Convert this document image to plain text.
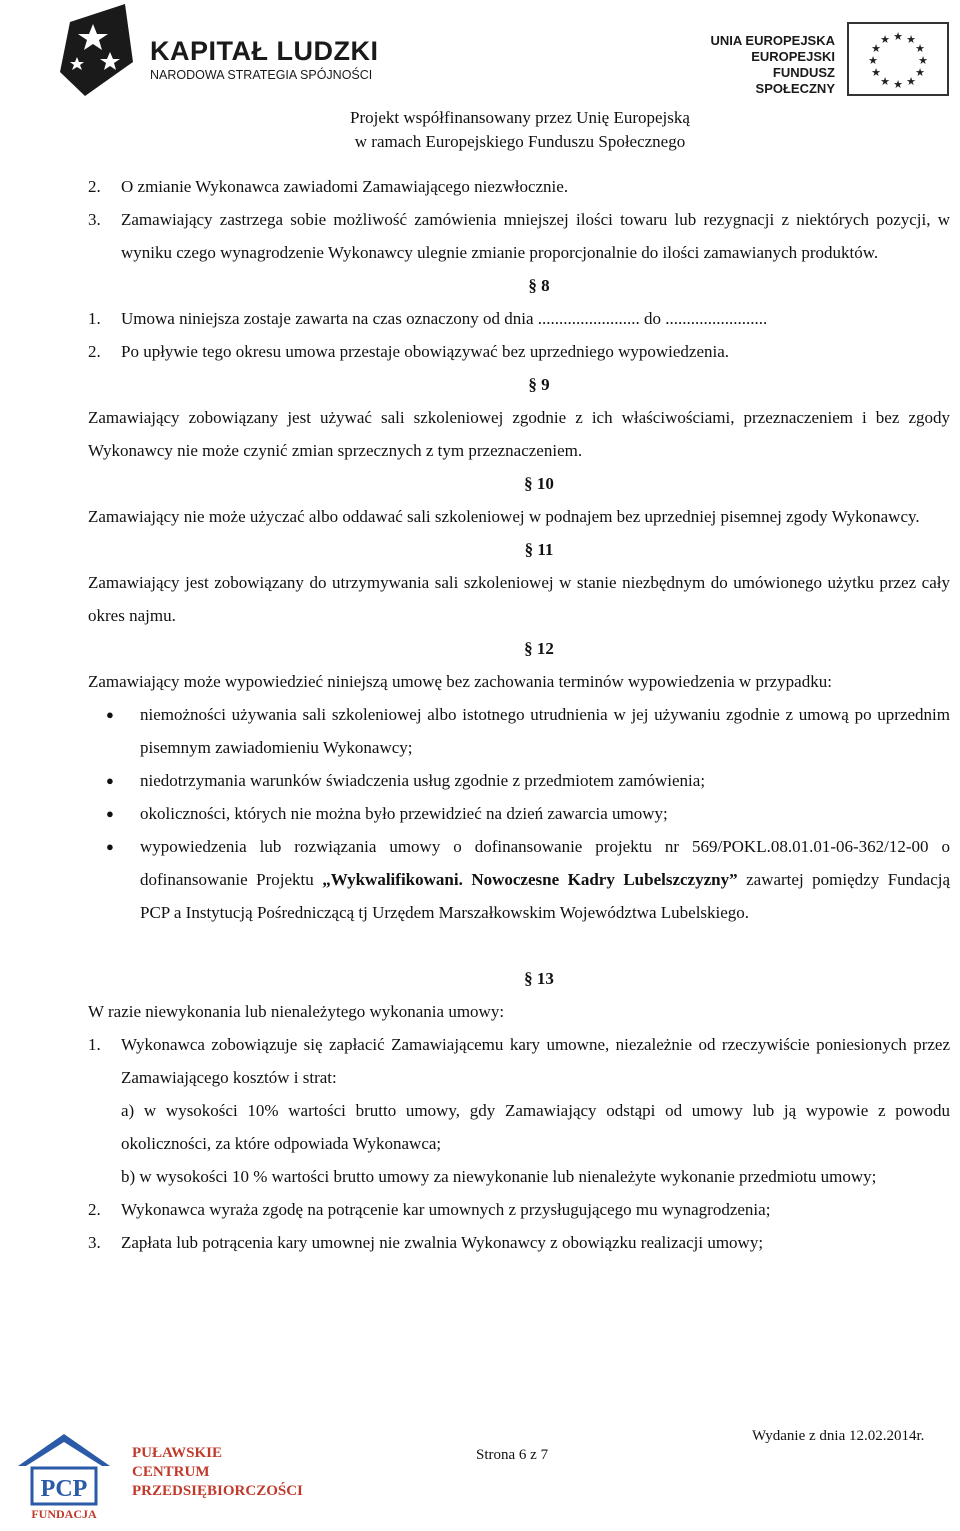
KAPITAŁ LUDZKI
NARODOWA STRATEGIA SPÓJNOŚCI
UNIA EUROPEJSKA
EUROPEJSKI
FUNDUSZ SPOŁECZNY
★ ★
★
★
★
★
★
★
★
★
★
★
Projekt współfinansowany przez Unię Europejską
w ramach Europejskiego Funduszu Społecznego
2.	O zmianie Wykonawca zawiadomi Zamawiającego niezwłocznie.
3.	Zamawiający zastrzega sobie możliwość zamówienia mniejszej ilości towaru lub rezygnacji z niektórych pozycji, w wyniku czego wynagrodzenie Wykonawcy ulegnie zmianie proporcjonalnie do ilości zamawianych produktów.

§ 8

1.	Umowa niniejsza zostaje zawarta na czas oznaczony od dnia ........................ do ........................
2.	Po upływie tego okresu umowa przestaje obowiązywać bez uprzedniego wypowiedzenia.

§ 9

Zamawiający zobowiązany jest używać sali szkoleniowej zgodnie z ich właściwościami, przeznaczeniem i bez zgody Wykonawcy nie może czynić zmian sprzecznych z tym przeznaczeniem.

§ 10

Zamawiający nie może użyczać albo oddawać sali szkoleniowej w podnajem bez uprzedniej pisemnej zgody Wykonawcy.

§ 11

Zamawiający jest zobowiązany do utrzymywania sali szkoleniowej w stanie niezbędnym do umówionego użytku przez cały okres najmu.

§ 12

Zamawiający może wypowiedzieć niniejszą umowę bez zachowania terminów wypowiedzenia w przypadku:

●	niemożności używania sali szkoleniowej albo istotnego utrudnienia w jej używaniu zgodnie z umową po uprzednim pisemnym zawiadomieniu Wykonawcy;
●	niedotrzymania warunków świadczenia usług zgodnie z przedmiotem zamówienia;
●	okoliczności, których nie można było przewidzieć na dzień zawarcia umowy;
●	wypowiedzenia lub rozwiązania umowy o dofinansowanie projektu nr 569/POKL.08.01.01-06-362/12-00 o dofinansowanie Projektu „Wykwalifikowani. Nowoczesne Kadry Lubelszczyzny” zawartej pomiędzy Fundacją PCP a Instytucją Pośredniczącą tj Urzędem Marszałkowskim Województwa Lubelskiego.

§ 13

W razie niewykonania lub nienależytego wykonania umowy:

1.	Wykonawca zobowiązuje się zapłacić Zamawiającemu kary umowne, niezależnie od rzeczywiście poniesionych przez Zamawiającego kosztów i strat:
a) w wysokości 10% wartości brutto umowy, gdy Zamawiający odstąpi od umowy lub ją wypowie z powodu okoliczności, za które odpowiada Wykonawca;
b) w wysokości 10 % wartości brutto umowy za niewykonanie lub nienależyte wykonanie przedmiotu umowy;
2.	Wykonawca wyraża zgodę na potrącenie kar umownych z przysługującego mu wynagrodzenia;
3.	Zapłata lub potrącenia kary umownej nie zwalnia Wykonawcy z obowiązku realizacji umowy;
PCP
FUNDACJA
PUŁAWSKIE
CENTRUM
PRZEDSIĘBIORCZOŚCI
Strona 6 z 7
Wydanie z dnia 12.02.2014r.
